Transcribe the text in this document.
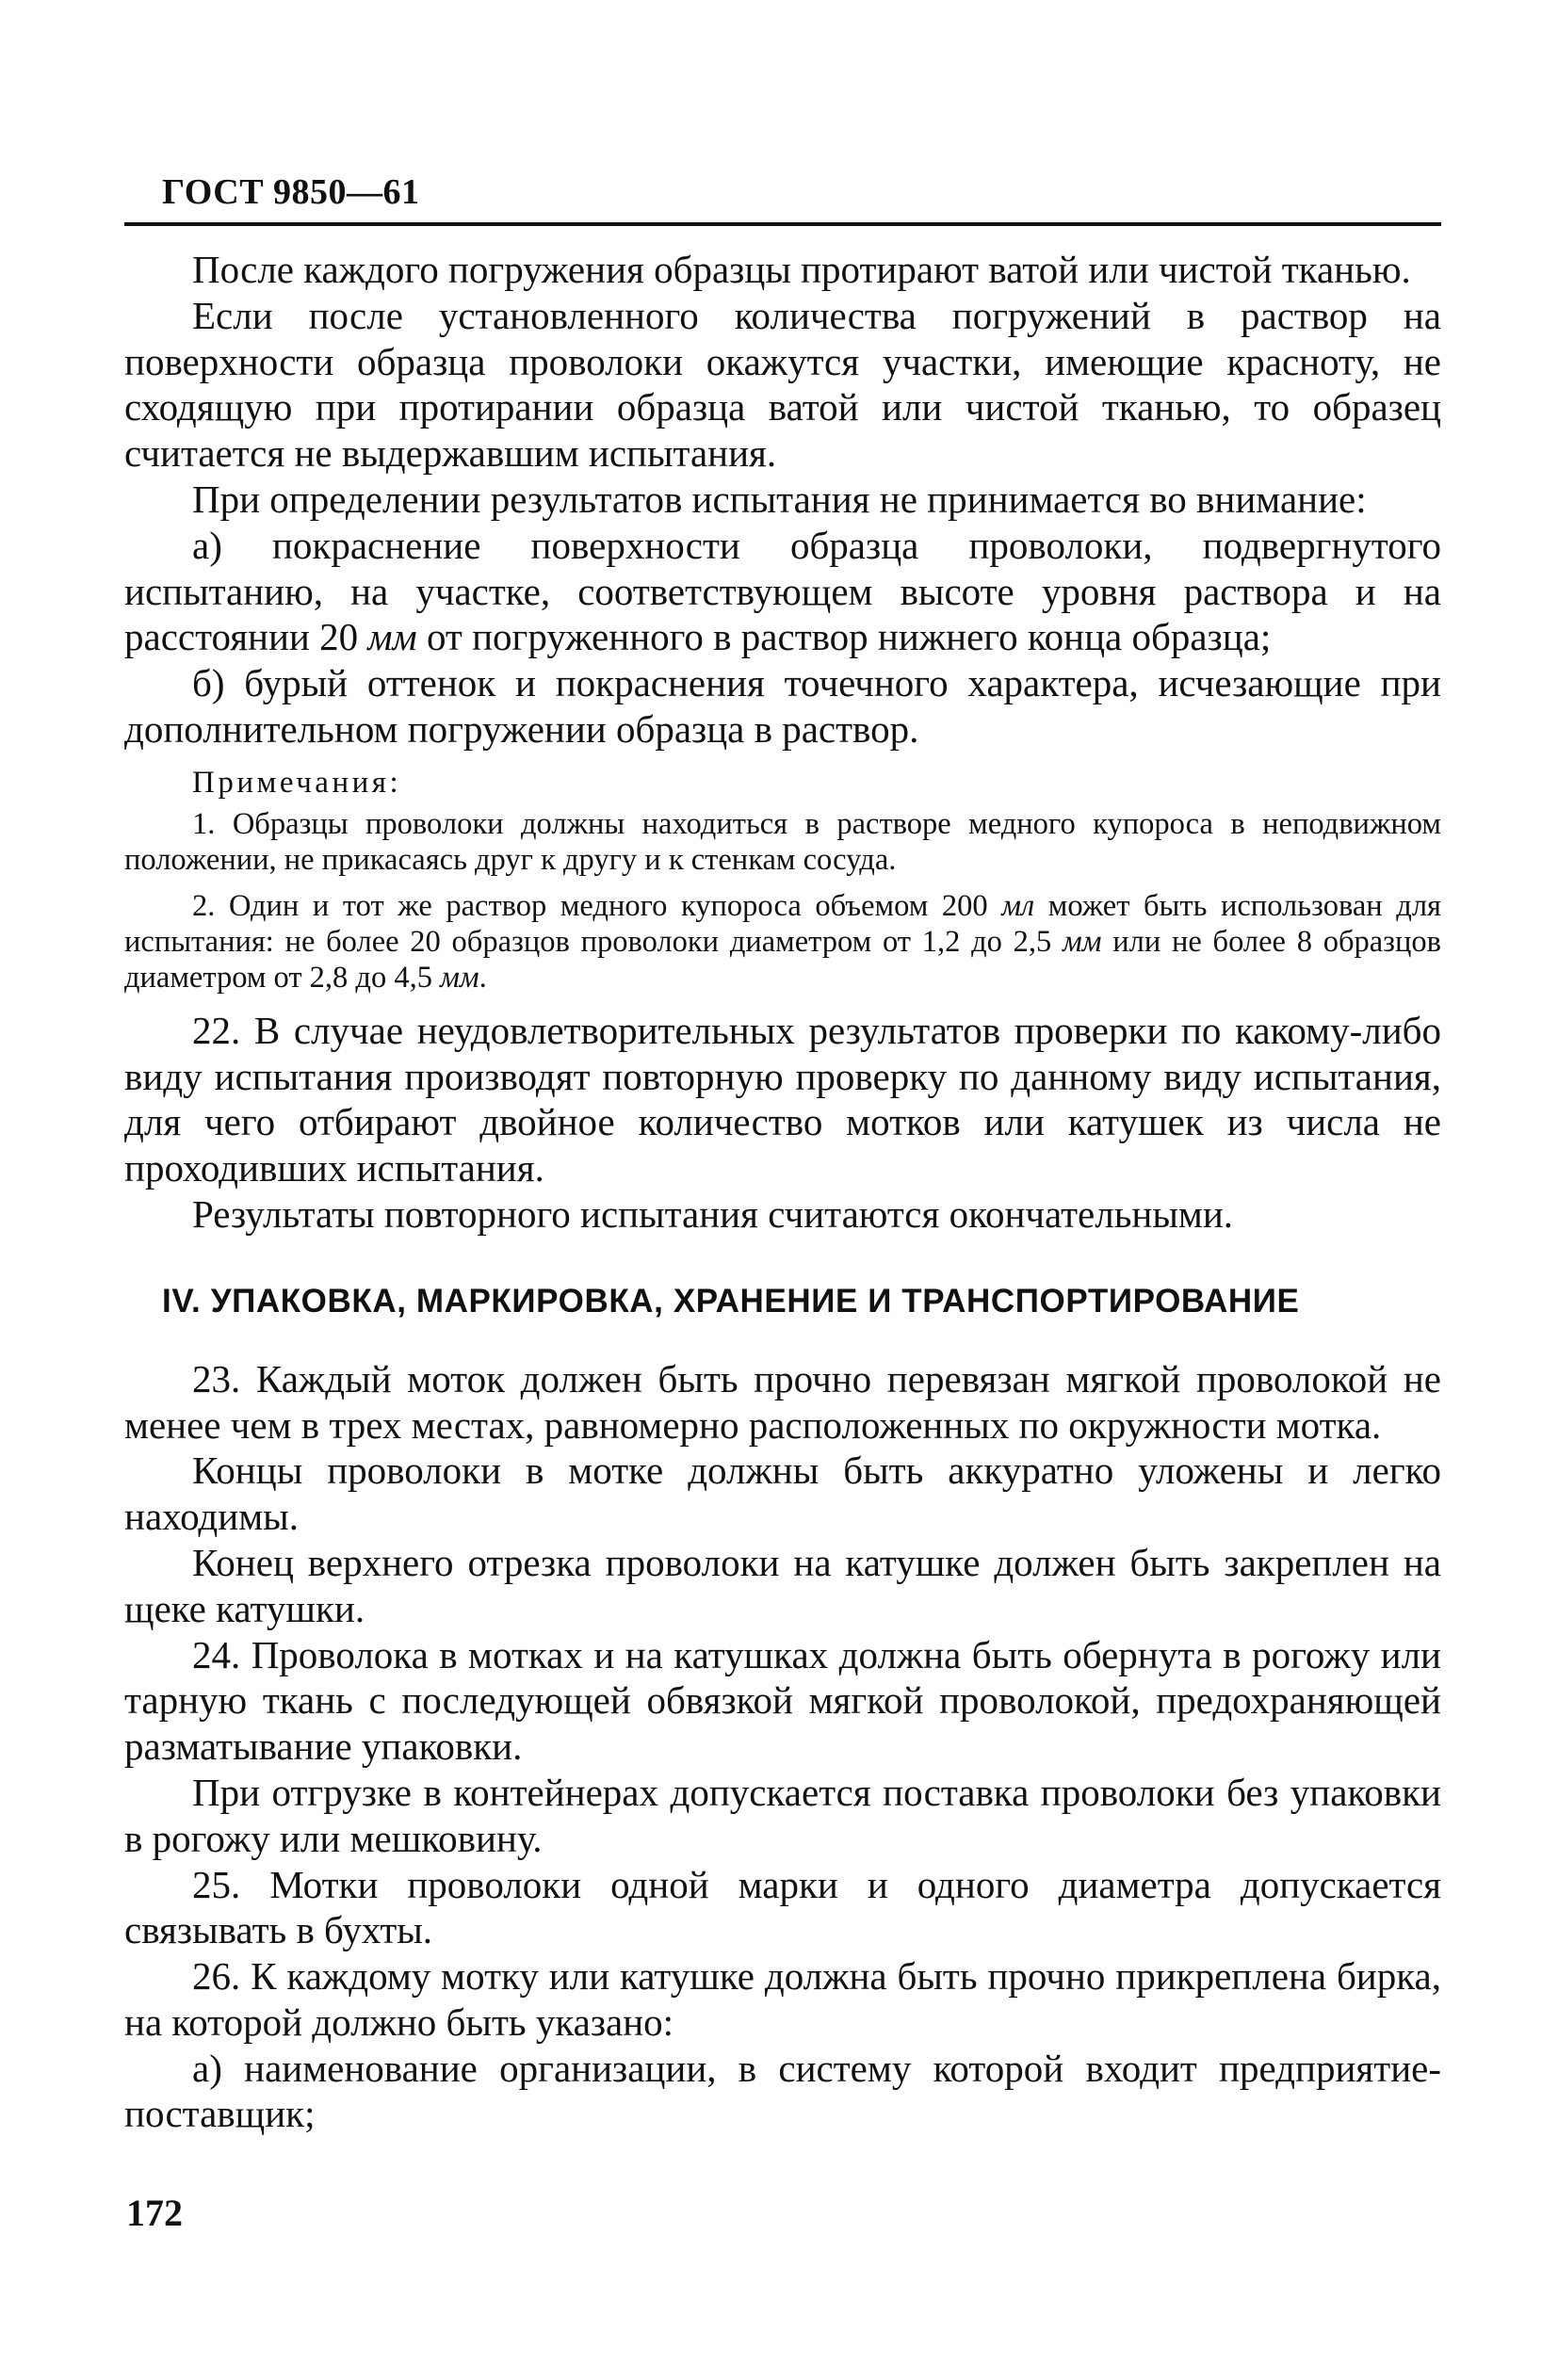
ГОСТ 9850—61

После каждого погружения образцы протирают ватой или чистой тканью.

Если после установленного количества погружений в раствор на поверхности образца проволоки окажутся участки, имеющие красноту, не сходящую при протирании образца ватой или чистой тканью, то образец считается не выдержавшим испытания.

При определении результатов испытания не принимается во внимание:

а) покраснение поверхности образца проволоки, подвергнутого испытанию, на участке, соответствующем высоте уровня раствора и на расстоянии 20 мм от погруженного в раствор нижнего конца образца;

б) бурый оттенок и покраснения точечного характера, исчезающие при дополнительном погружении образца в раствор.

Примечания:

1. Образцы проволоки должны находиться в растворе медного купороса в неподвижном положении, не прикасаясь друг к другу и к стенкам сосуда.

2. Один и тот же раствор медного купороса объемом 200 мл может быть использован для испытания: не более 20 образцов проволоки диаметром от 1,2 до 2,5 мм или не более 8 образцов диаметром от 2,8 до 4,5 мм.

22. В случае неудовлетворительных результатов проверки по какому-либо виду испытания производят повторную проверку по данному виду испытания, для чего отбирают двойное количество мотков или катушек из числа не проходивших испытания.

Результаты повторного испытания считаются окончательными.

IV. УПАКОВКА, МАРКИРОВКА, ХРАНЕНИЕ И ТРАНСПОРТИРОВАНИЕ

23. Каждый моток должен быть прочно перевязан мягкой проволокой не менее чем в трех местах, равномерно расположенных по окружности мотка.

Концы проволоки в мотке должны быть аккуратно уложены и легко находимы.

Конец верхнего отрезка проволоки на катушке должен быть закреплен на щеке катушки.

24. Проволока в мотках и на катушках должна быть обернута в рогожу или тарную ткань с последующей обвязкой мягкой проволокой, предохраняющей разматывание упаковки.

При отгрузке в контейнерах допускается поставка проволоки без упаковки в рогожу или мешковину.

25. Мотки проволоки одной марки и одного диаметра допускается связывать в бухты.

26. К каждому мотку или катушке должна быть прочно прикреплена бирка, на которой должно быть указано:

а) наименование организации, в систему которой входит предприятие-поставщик;

172
